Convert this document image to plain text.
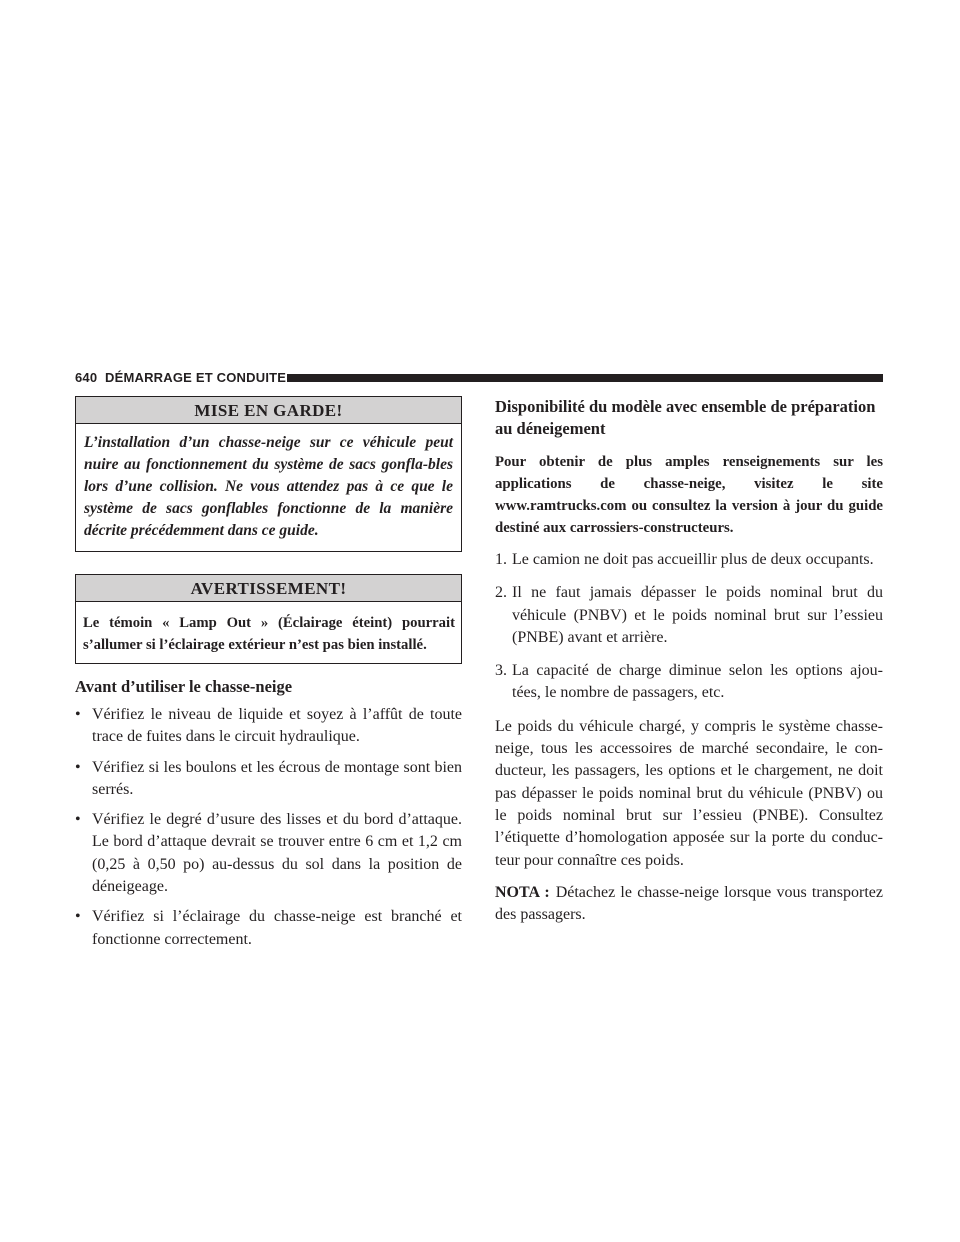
640 DÉMARRAGE ET CONDUITE
MISE EN GARDE!
L’installation d’un chasse-neige sur ce véhicule peut nuire au fonctionnement du système de sacs gonfla-bles lors d’une collision. Ne vous attendez pas à ce que le système de sacs gonflables fonctionne de la manière décrite précédemment dans ce guide.
AVERTISSEMENT!
Le témoin « Lamp Out » (Éclairage éteint) pourrait s’allumer si l’éclairage extérieur n’est pas bien installé.
Avant d’utiliser le chasse-neige
• Vérifiez le niveau de liquide et soyez à l’affût de toute trace de fuites dans le circuit hydraulique.
• Vérifiez si les boulons et les écrous de montage sont bien serrés.
• Vérifiez le degré d’usure des lisses et du bord d’attaque. Le bord d’attaque devrait se trouver entre 6 cm et 1,2 cm (0,25 à 0,50 po) au-dessus du sol dans la position de déneigeage.
• Vérifiez si l’éclairage du chasse-neige est branché et fonctionne correctement.
Disponibilité du modèle avec ensemble de préparation au déneigement

Pour obtenir de plus amples renseignements sur les applications de chasse-neige, visitez le site www.ramtrucks.com ou consultez la version à jour du guide destiné aux carrossiers-constructeurs.

1. Le camion ne doit pas accueillir plus de deux occupants.
2. Il ne faut jamais dépasser le poids nominal brut du véhicule (PNBV) et le poids nominal brut sur l’essieu (PNBE) avant et arrière.
3. La capacité de charge diminue selon les options ajou-tées, le nombre de passagers, etc.

Le poids du véhicule chargé, y compris le système chasse-neige, tous les accessoires de marché secondaire, le con-ducteur, les passagers, les options et le chargement, ne doit pas dépasser le poids nominal brut du véhicule (PNBV) ou le poids nominal brut sur l’essieu (PNBE). Consultez l’étiquette d’homologation apposée sur la porte du conduc-teur pour connaître ces poids.

NOTA : Détachez le chasse-neige lorsque vous transportez des passagers.
